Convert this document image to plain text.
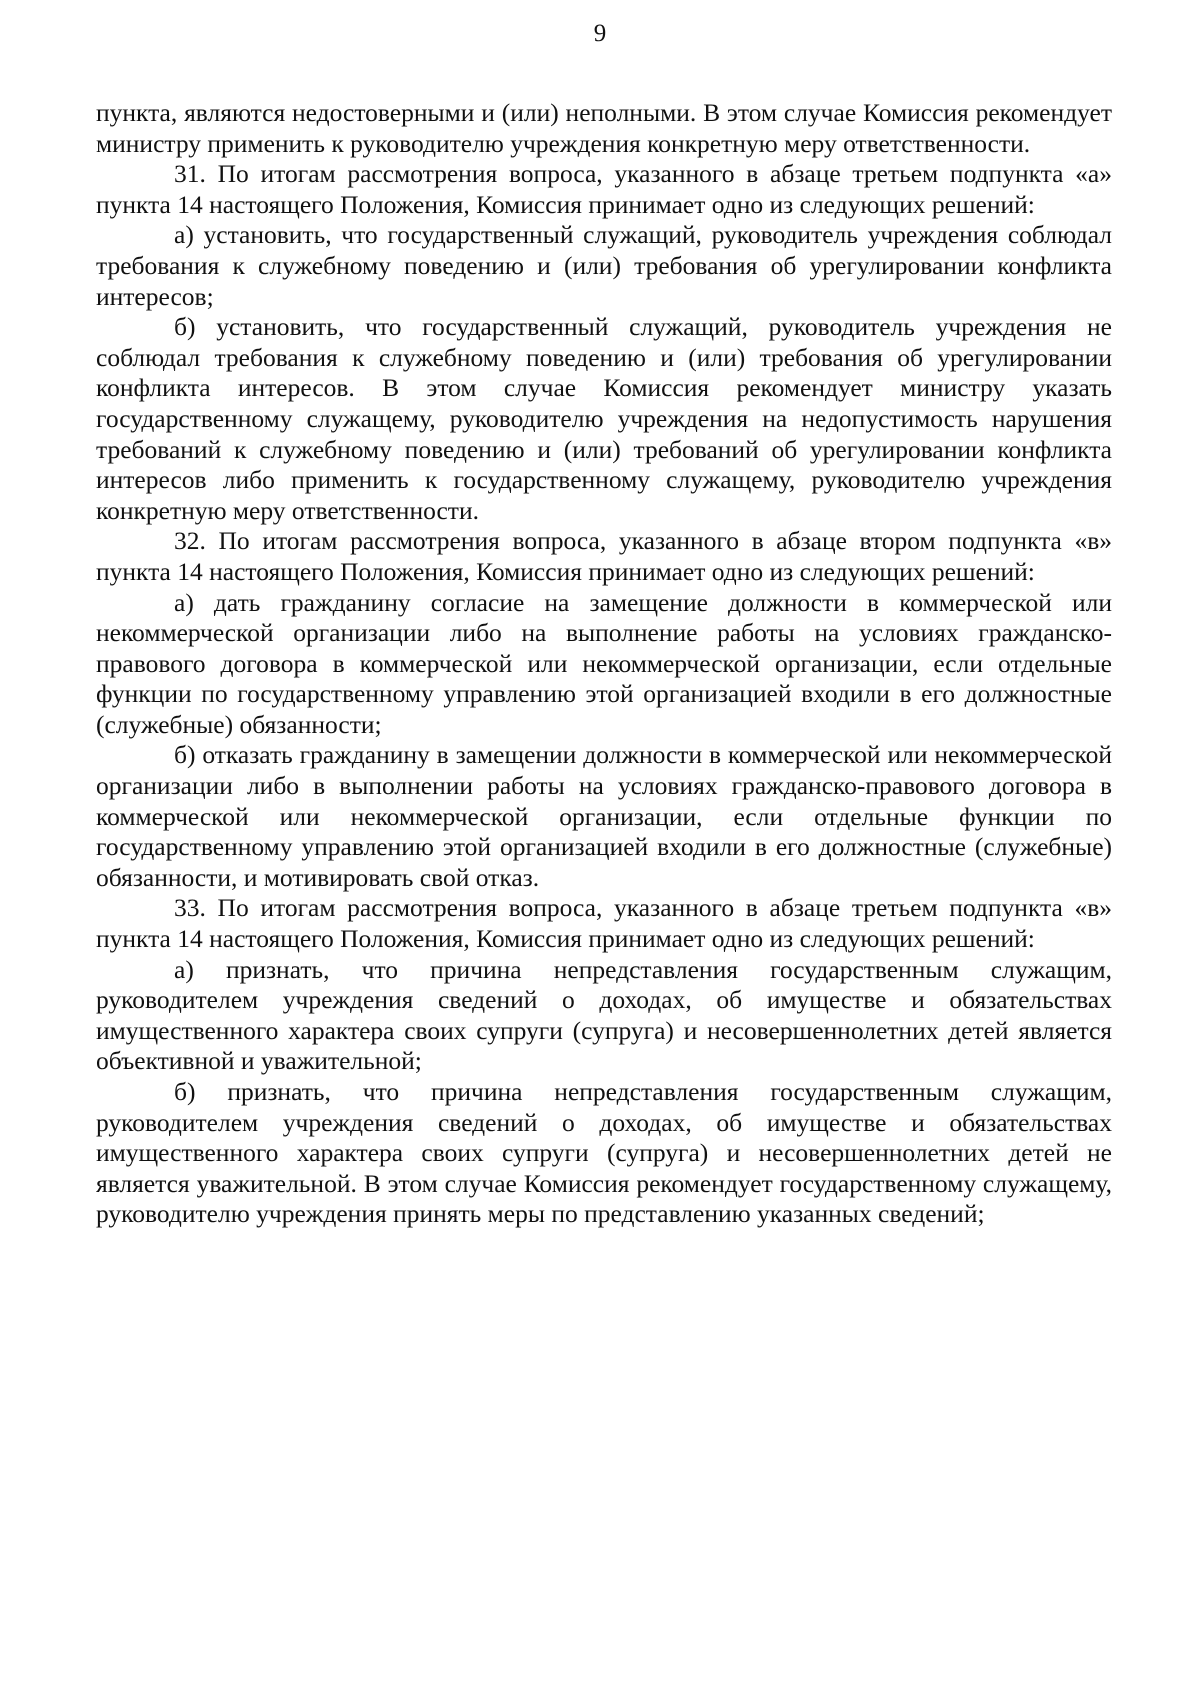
9

пункта, являются недостоверными и (или) неполными. В этом случае Комиссия рекомендует министру применить к руководителю учреждения конкретную меру ответственности.

31. По итогам рассмотрения вопроса, указанного в абзаце третьем подпункта «а» пункта 14 настоящего Положения, Комиссия принимает одно из следующих решений:

а) установить, что государственный служащий, руководитель учреждения соблюдал требования к служебному поведению и (или) требования об урегулировании конфликта интересов;

б) установить, что государственный служащий, руководитель учреждения не соблюдал требования к служебному поведению и (или) требования об урегулировании конфликта интересов. В этом случае Комиссия рекомендует министру указать государственному служащему, руководителю учреждения на недопустимость нарушения требований к служебному поведению и (или) требований об урегулировании конфликта интересов либо применить к государственному служащему, руководителю учреждения конкретную меру ответственности.

32. По итогам рассмотрения вопроса, указанного в абзаце втором подпункта «в» пункта 14 настоящего Положения, Комиссия принимает одно из следующих решений:

а) дать гражданину согласие на замещение должности в коммерческой или некоммерческой организации либо на выполнение работы на условиях гражданско-правового договора в коммерческой или некоммерческой организации, если отдельные функции по государственному управлению этой организацией входили в его должностные (служебные) обязанности;

б) отказать гражданину в замещении должности в коммерческой или некоммерческой организации либо в выполнении работы на условиях гражданско-правового договора в коммерческой или некоммерческой организации, если отдельные функции по государственному управлению этой организацией входили в его должностные (служебные) обязанности, и мотивировать свой отказ.

33. По итогам рассмотрения вопроса, указанного в абзаце третьем подпункта «в» пункта 14 настоящего Положения, Комиссия принимает одно из следующих решений:

а) признать, что причина непредставления государственным служащим, руководителем учреждения сведений о доходах, об имуществе и обязательствах имущественного характера своих супруги (супруга) и несовершеннолетних детей является объективной и уважительной;

б) признать, что причина непредставления государственным служащим, руководителем учреждения сведений о доходах, об имуществе и обязательствах имущественного характера своих супруги (супруга) и несовершеннолетних детей не является уважительной. В этом случае Комиссия рекомендует государственному служащему, руководителю учреждения принять меры по представлению указанных сведений;
